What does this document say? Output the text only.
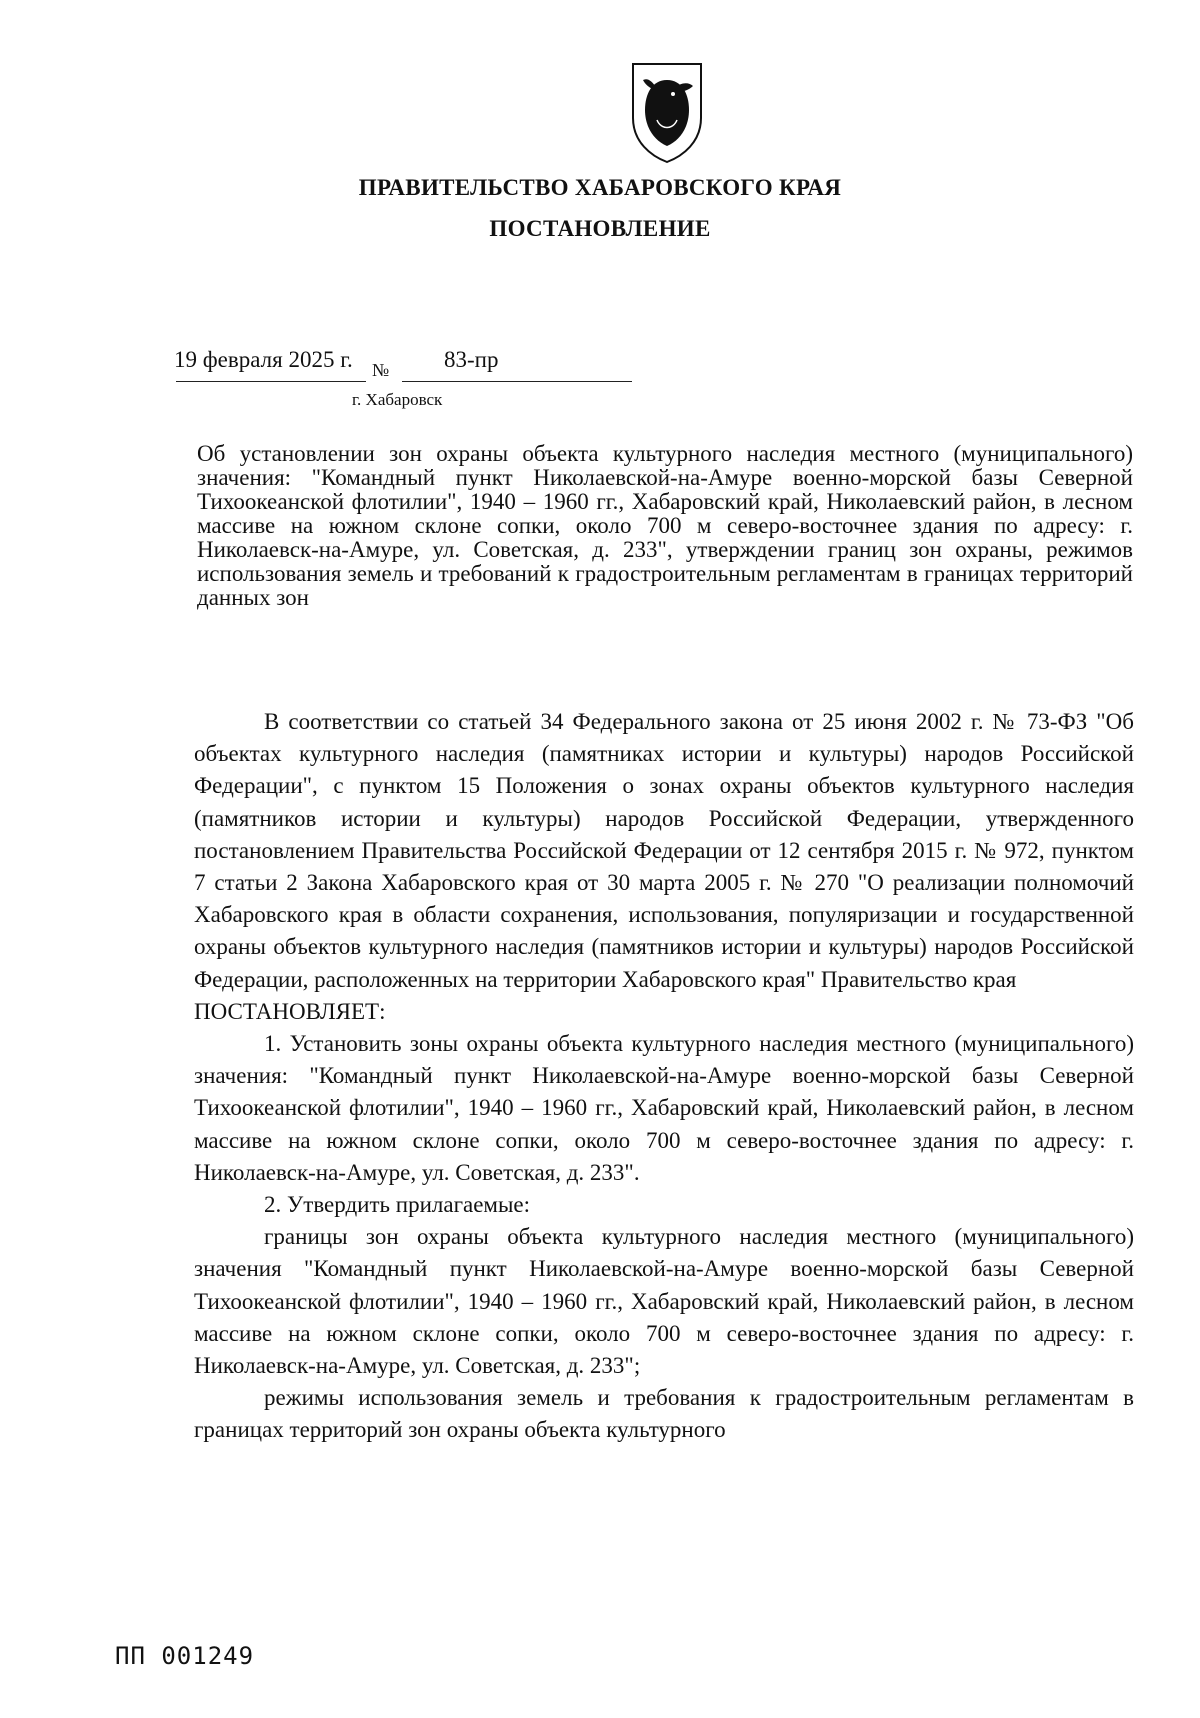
ПРАВИТЕЛЬСТВО ХАБАРОВСКОГО КРАЯ
ПОСТАНОВЛЕНИЕ
19 февраля 2025 г. № 83-пр
г. Хабаровск
Об установлении зон охраны объекта культурного наследия местного (муниципального) значения: "Командный пункт Николаевской-на-Амуре военно-морской базы Северной Тихоокеанской флотилии", 1940 – 1960 гг., Хабаровский край, Николаевский район, в лесном массиве на южном склоне сопки, около 700 м северо-восточнее здания по адресу: г. Николаевск-на-Амуре, ул. Советская, д. 233", утверждении границ зон охраны, режимов использования земель и требований к градостроительным регламентам в границах территорий данных зон

В соответствии со статьей 34 Федерального закона от 25 июня 2002 г. № 73-ФЗ "Об объектах культурного наследия (памятниках истории и культуры) народов Российской Федерации", с пунктом 15 Положения о зонах охраны объектов культурного наследия (памятников истории и культуры) народов Российской Федерации, утвержденного постановлением Правительства Российской Федерации от 12 сентября 2015 г. № 972, пунктом 7 статьи 2 Закона Хабаровского края от 30 марта 2005 г. № 270 "О реализации полномочий Хабаровского края в области сохранения, использования, популяризации и государственной охраны объектов культурного наследия (памятников истории и культуры) народов Российской Федерации, расположенных на территории Хабаровского края" Правительство края

ПОСТАНОВЛЯЕТ:

1. Установить зоны охраны объекта культурного наследия местного (муниципального) значения: "Командный пункт Николаевской-на-Амуре военно-морской базы Северной Тихоокеанской флотилии", 1940 – 1960 гг., Хабаровский край, Николаевский район, в лесном массиве на южном склоне сопки, около 700 м северо-восточнее здания по адресу: г. Николаевск-на-Амуре, ул. Советская, д. 233".

2. Утвердить прилагаемые:

границы зон охраны объекта культурного наследия местного (муниципального) значения "Командный пункт Николаевской-на-Амуре военно-морской базы Северной Тихоокеанской флотилии", 1940 – 1960 гг., Хабаровский край, Николаевский район, в лесном массиве на южном склоне сопки, около 700 м северо-восточнее здания по адресу: г. Николаевск-на-Амуре, ул. Советская, д. 233";

режимы использования земель и требования к градостроительным регламентам в границах территорий зон охраны объекта культурного

ПП 001249
